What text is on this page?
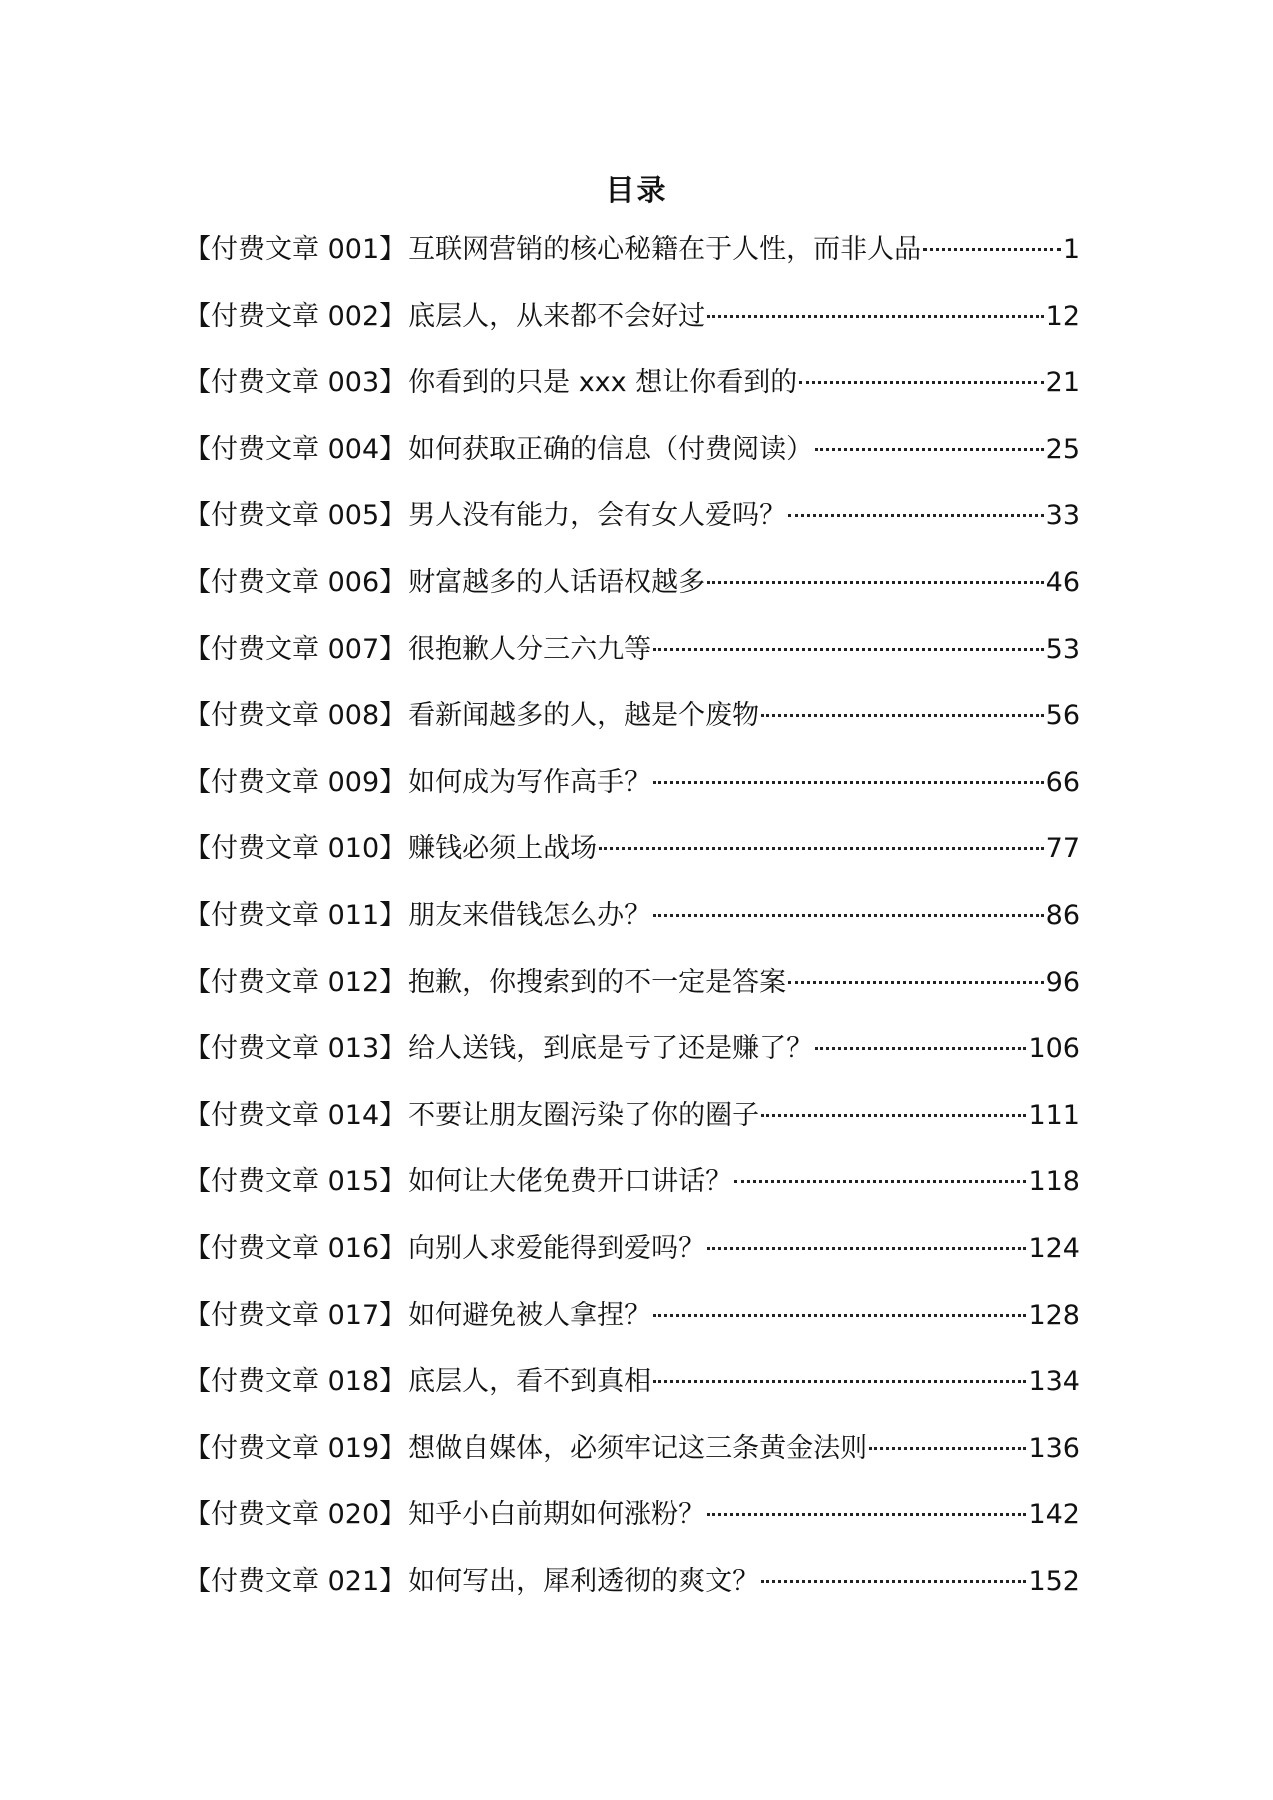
目录
【付费文章 001】 互联网营销的核心秘籍在于人性，而非人品	1
【付费文章 002】 底层人，从来都不会好过	12
【付费文章 003】 你看到的只是 xxx 想让你看到的	21
【付费文章 004】 如何获取正确的信息（付费阅读）	25
【付费文章 005】 男人没有能力，会有女人爱吗？	33
【付费文章 006】 财富越多的人话语权越多	46
【付费文章 007】 很抱歉人分三六九等	53
【付费文章 008】 看新闻越多的人，越是个废物	56
【付费文章 009】 如何成为写作高手？	66
【付费文章 010】 赚钱必须上战场	77
【付费文章 011】 朋友来借钱怎么办？	86
【付费文章 012】 抱歉，你搜索到的不一定是答案	96
【付费文章 013】 给人送钱，到底是亏了还是赚了？	106
【付费文章 014】 不要让朋友圈污染了你的圈子	111
【付费文章 015】 如何让大佬免费开口讲话？	118
【付费文章 016】 向别人求爱能得到爱吗？	124
【付费文章 017】 如何避免被人拿捏？	128
【付费文章 018】 底层人，看不到真相	134
【付费文章 019】 想做自媒体，必须牢记这三条黄金法则	136
【付费文章 020】 知乎小白前期如何涨粉？	142
【付费文章 021】 如何写出，犀利透彻的爽文？	152
